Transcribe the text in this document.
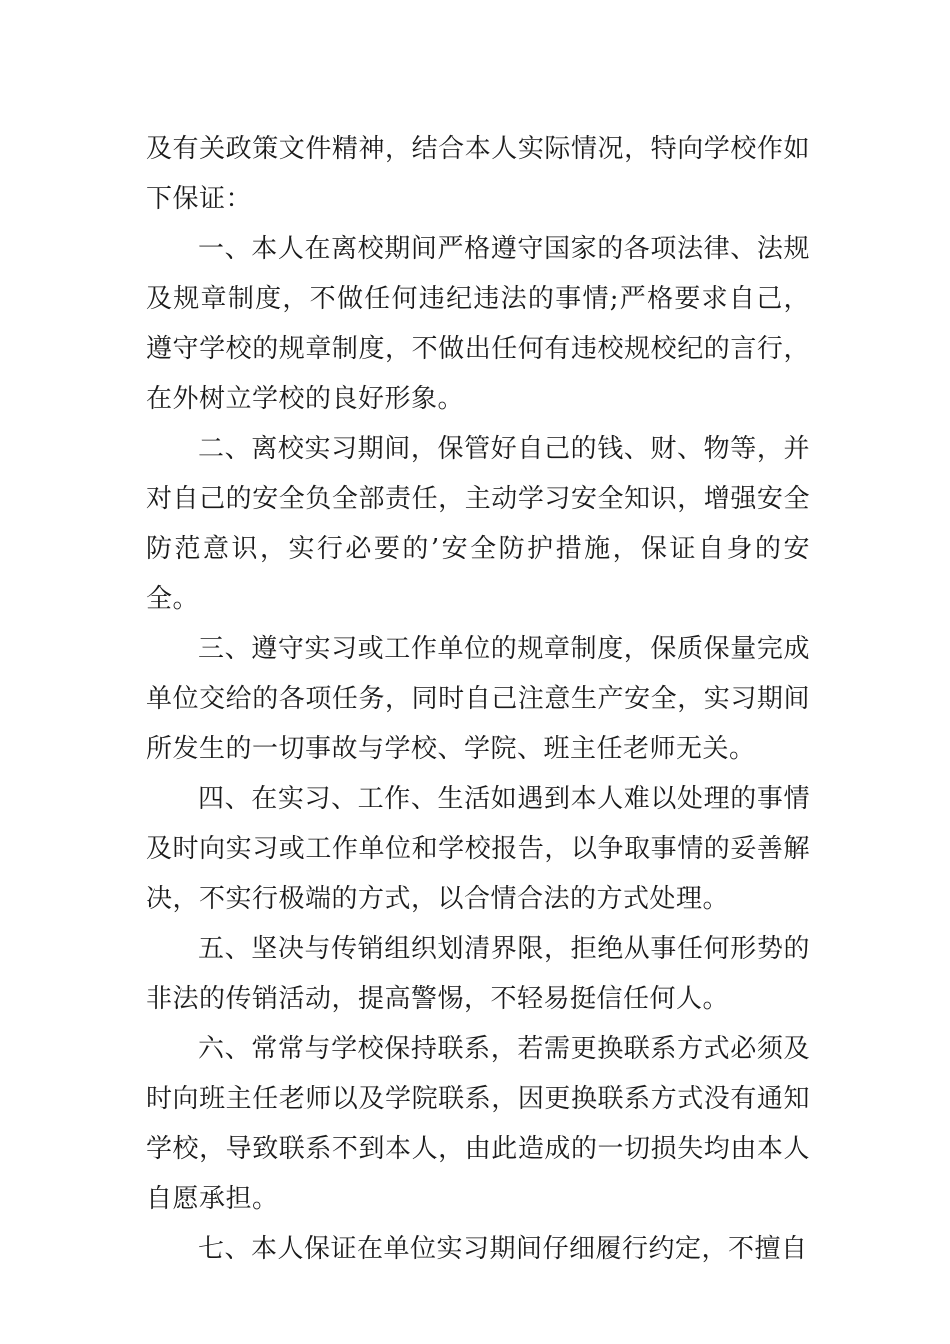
及有关政策文件精神，结合本人实际情况，特向学校作如下保证：

一、本人在离校期间严格遵守国家的各项法律、法规及规章制度，不做任何违纪违法的事情;严格要求自己，遵守学校的规章制度，不做出任何有违校规校纪的言行，在外树立学校的良好形象。

二、离校实习期间，保管好自己的钱、财、物等，并对自己的安全负全部责任，主动学习安全知识，增强安全防范意识，实行必要的’安全防护措施，保证自身的安全。

三、遵守实习或工作单位的规章制度，保质保量完成单位交给的各项任务，同时自己注意生产安全，实习期间所发生的一切事故与学校、学院、班主任老师无关。

四、在实习、工作、生活如遇到本人难以处理的事情及时向实习或工作单位和学校报告，以争取事情的妥善解决，不实行极端的方式，以合情合法的方式处理。

五、坚决与传销组织划清界限，拒绝从事任何形势的非法的传销活动，提高警惕，不轻易挺信任何人。

六、常常与学校保持联系，若需更换联系方式必须及时向班主任老师以及学院联系，因更换联系方式没有通知学校，导致联系不到本人，由此造成的一切损失均由本人自愿承担。

七、本人保证在单位实习期间仔细履行约定，不擅自
